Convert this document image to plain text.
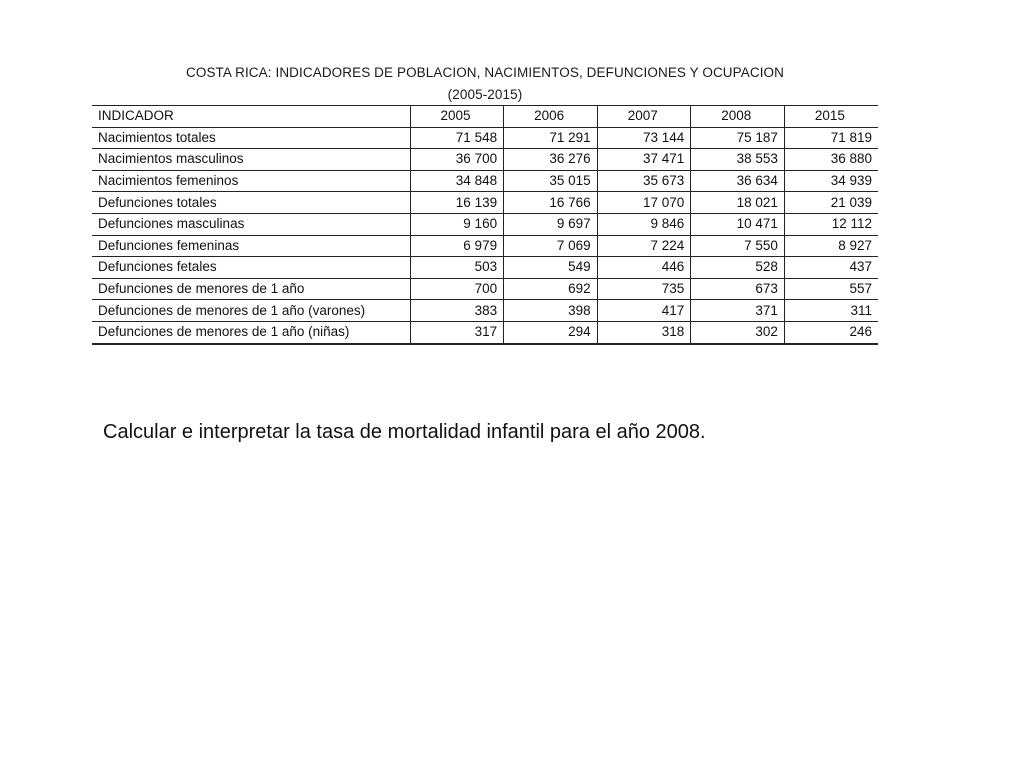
COSTA RICA: INDICADORES DE POBLACION, NACIMIENTOS, DEFUNCIONES Y OCUPACION
(2005-2015)
INDICADOR	2005	2006	2007	2008	2015
Nacimientos totales	71 548	71 291	73 144	75 187	71 819
Nacimientos masculinos	36 700	36 276	37 471	38 553	36 880
Nacimientos femeninos	34 848	35 015	35 673	36 634	34 939
Defunciones totales	16 139	16 766	17 070	18 021	21 039
Defunciones masculinas	9 160	9 697	9 846	10 471	12 112
Defunciones femeninas	6 979	7 069	7 224	7 550	8 927
Defunciones fetales	503	549	446	528	437
Defunciones de menores de 1 año	700	692	735	673	557
Defunciones de menores de 1 año (varones)	383	398	417	371	311
Defunciones de menores de 1 año (niñas)	317	294	318	302	246
Calcular e interpretar la tasa de mortalidad infantil para el año 2008.
